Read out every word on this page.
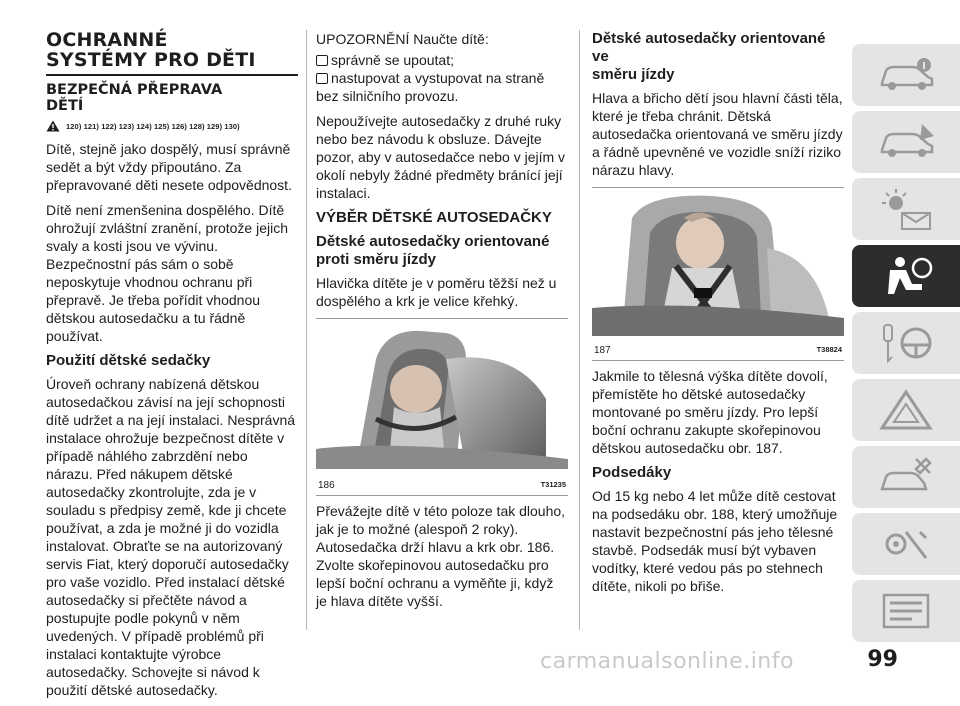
OCHRANNÉ
SYSTÉMY PRO DĚTI
BEZPEČNÁ PŘEPRAVA
DĚTÍ
120) 121) 122) 123) 124) 125) 126) 128) 129) 130)

Dítě, stejně jako dospělý, musí správně sedět a být vždy připoutáno. Za přepravované děti nesete odpovědnost.

Dítě není zmenšenina dospělého. Dítě ohrožují zvláštní zranění, protože jejich svaly a kosti jsou ve vývinu. Bezpečnostní pás sám o sobě neposkytuje vhodnou ochranu při přepravě. Je třeba pořídit vhodnou dětskou autosedačku a tu řádně používat.

Použití dětské sedačky

Úroveň ochrany nabízená dětskou autosedačkou závisí na její schopnosti dítě udržet a na její instalaci. Nesprávná instalace ohrožuje bezpečnost dítěte v případě náhlého zabrzdění nebo nárazu. Před nákupem dětské autosedačky zkontrolujte, zda je v souladu s předpisy země, kde ji chcete používat, a zda je možné ji do vozidla instalovat. Obraťte se na autorizovaný servis Fiat, který doporučí autosedačky pro vaše vozidlo. Před instalací dětské autosedačky si přečtěte návod a postupujte podle pokynů v něm uvedených. V případě problémů při instalaci kontaktujte výrobce autosedačky. Schovejte si návod k použití dětské autosedačky.

UPOZORNĚNÍ Naučte dítě:
správně se upoutat;
nastupovat a vystupovat na straně

bez silničního provozu.

Nepoužívejte autosedačky z druhé ruky nebo bez návodu k obsluze. Dávejte pozor, aby v autosedačce nebo v jejím v okolí nebyly žádné předměty bránící její instalaci.

VÝBĚR DĚTSKÉ AUTOSEDAČKY
Dětské autosedačky orientované
proti směru jízdy

Hlavička dítěte je v poměru těžší než u dospělého a krk je velice křehký.

186	T31235

Převážejte dítě v této poloze tak dlouho, jak je to možné (alespoň 2 roky). Autosedačka drží hlavu a krk obr. 186. Zvolte skořepinovou autosedačku pro lepší boční ochranu a vyměňte ji, když je hlava dítěte vyšší.

Dětské autosedačky orientované ve
směru jízdy

Hlava a břicho dětí jsou hlavní části těla, které je třeba chránit. Dětská autosedačka orientovaná ve směru jízdy a řádně upevněné ve vozidle sníží riziko nárazu hlavy.

187	T38824

Jakmile to tělesná výška dítěte dovolí, přemístěte ho dětské autosedačky montované po směru jízdy. Pro lepší boční ochranu zakupte skořepinovou dětskou autosedačku obr. 187.

Podsedáky

Od 15 kg nebo 4 let může dítě cestovat na podsedáku obr. 188, který umožňuje nastavit bezpečnostní pás jeho tělesné stavbě. Podsedák musí být vybaven vodítky, které vedou pás po stehnech dítěte, nikoli po břiše.

carmanualsonline.info	99
